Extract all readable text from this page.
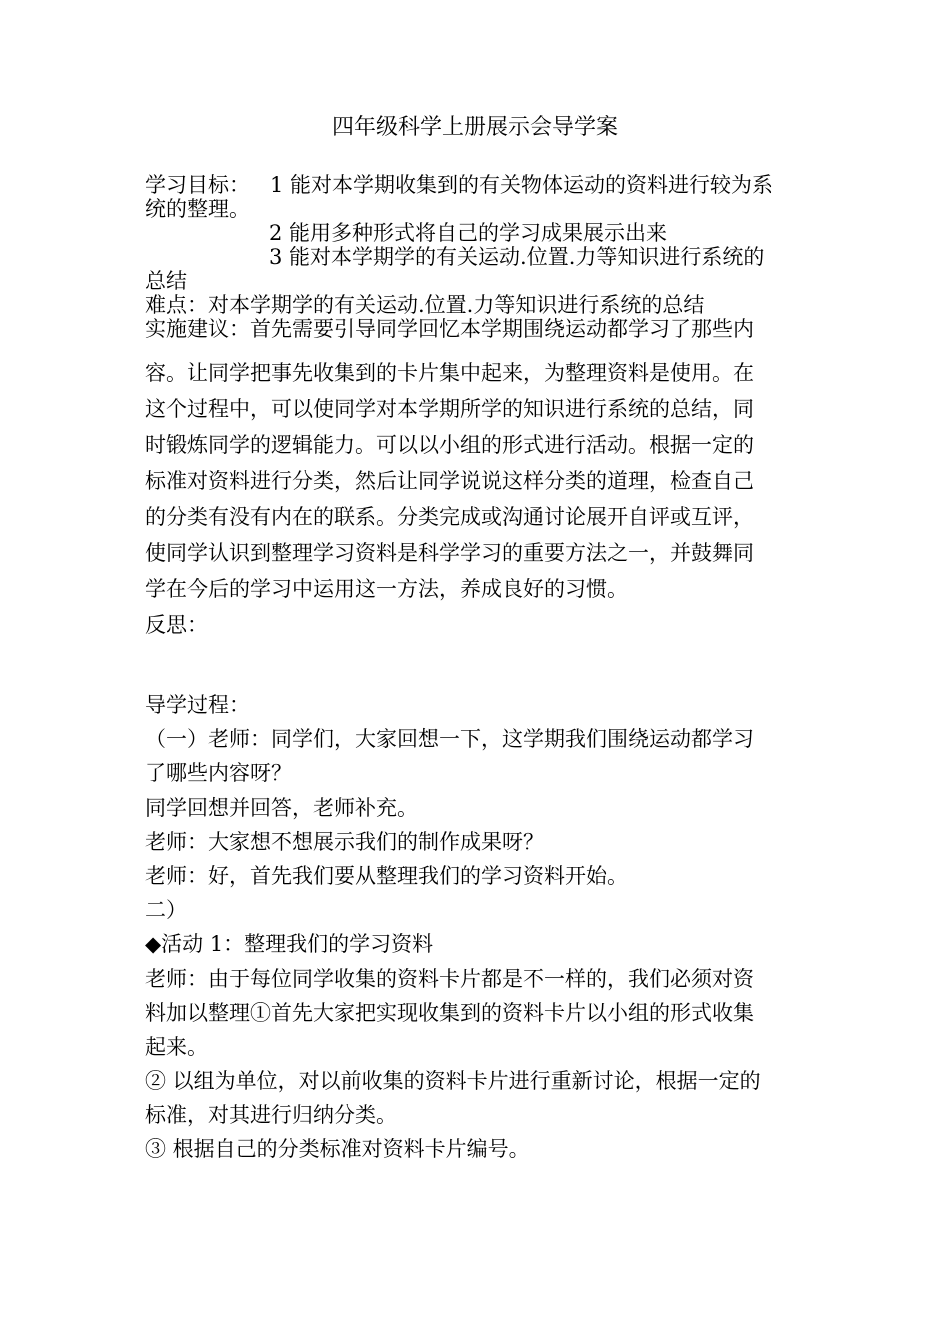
四年级科学上册展示会导学案
学习目标： 1 能对本学期收集到的有关物体运动的资料进行较为系
统的整理。
2 能用多种形式将自己的学习成果展示出来
3 能对本学期学的有关运动.位置.力等知识进行系统的
总结
难点：对本学期学的有关运动.位置.力等知识进行系统的总结
实施建议：首先需要引导同学回忆本学期围绕运动都学习了那些内
容。让同学把事先收集到的卡片集中起来，为整理资料是使用。在
这个过程中，可以使同学对本学期所学的知识进行系统的总结，同
时锻炼同学的逻辑能力。可以以小组的形式进行活动。根据一定的
标准对资料进行分类，然后让同学说说这样分类的道理，检查自己
的分类有没有内在的联系。分类完成或沟通讨论展开自评或互评，
使同学认识到整理学习资料是科学学习的重要方法之一，并鼓舞同
学在今后的学习中运用这一方法，养成良好的习惯。
反思：
导学过程：
（一）老师：同学们，大家回想一下，这学期我们围绕运动都学习
了哪些内容呀？
同学回想并回答，老师补充。
老师：大家想不想展示我们的制作成果呀？
老师：好，首先我们要从整理我们的学习资料开始。
二）
◆活动 1：整理我们的学习资料
老师：由于每位同学收集的资料卡片都是不一样的，我们必须对资
料加以整理①首先大家把实现收集到的资料卡片以小组的形式收集
起来。
② 以组为单位，对以前收集的资料卡片进行重新讨论，根据一定的
标准，对其进行归纳分类。
③ 根据自己的分类标准对资料卡片编号。
